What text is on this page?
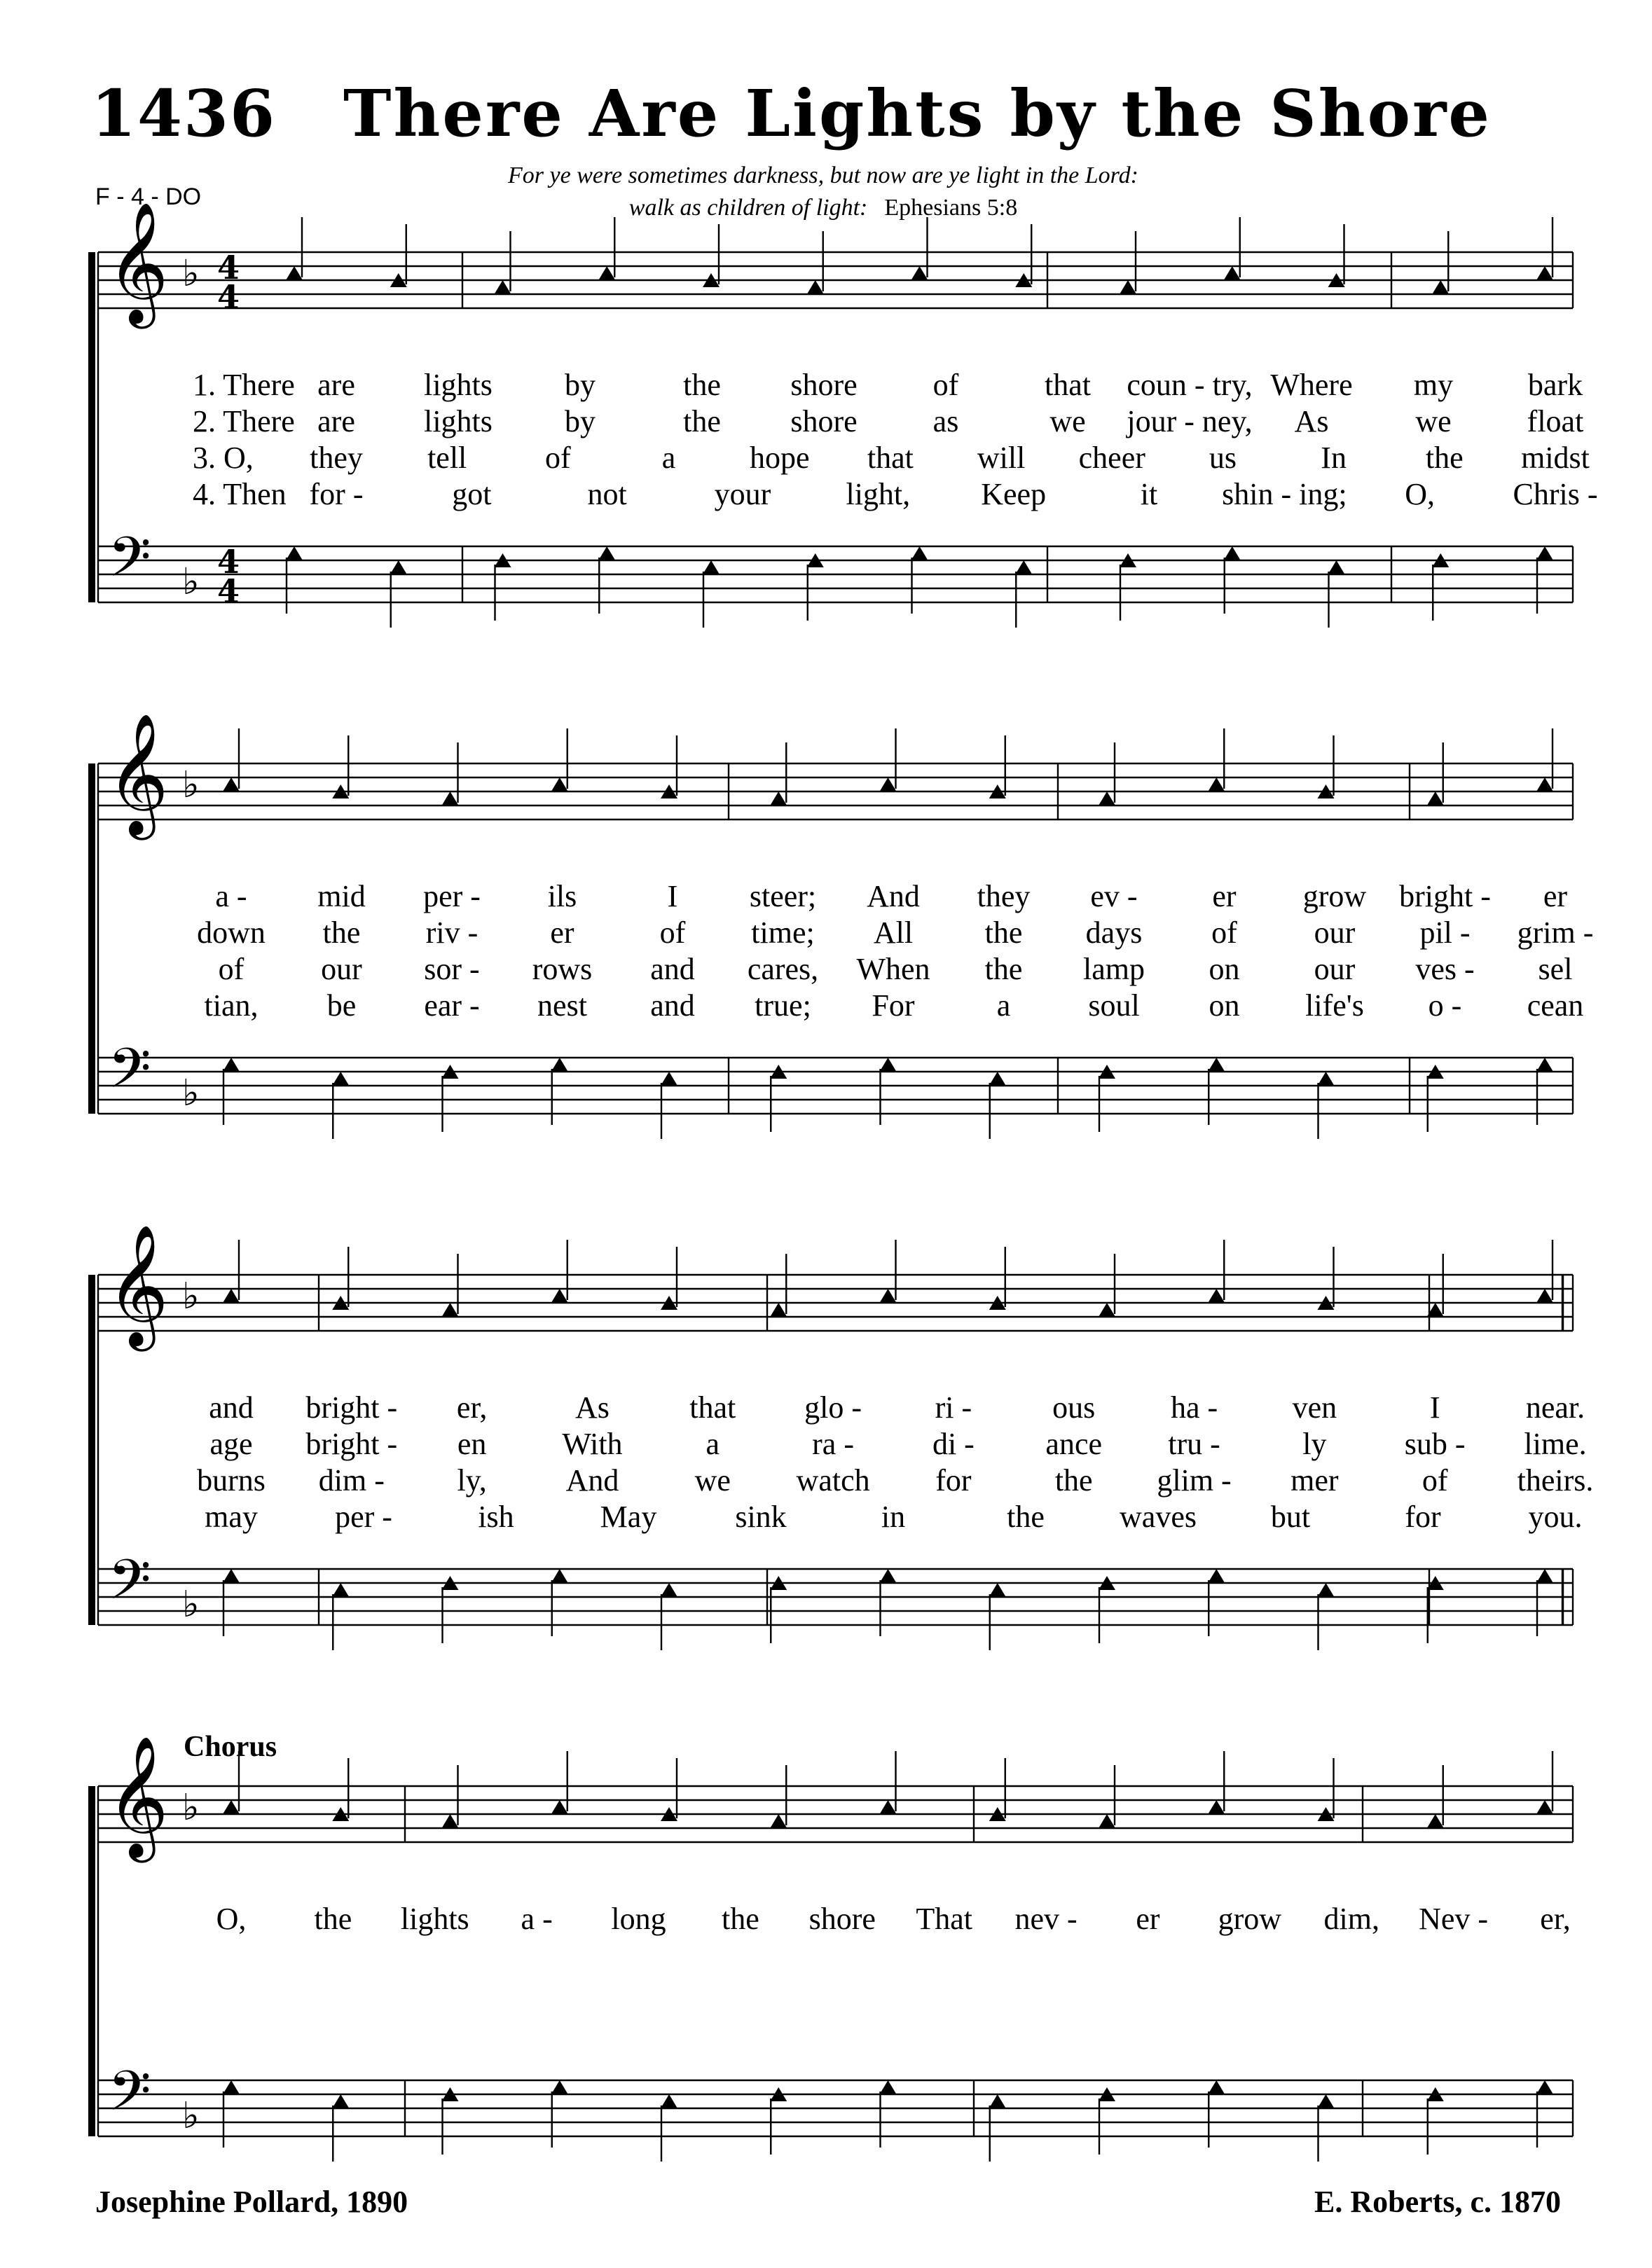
1436 There Are Lights by the Shore
For ye were sometimes darkness, but now are ye light in the Lord:
walk as children of light: Ephesians 5:8
F - 4 - DO
𝄞
𝄢
♭
♭
4
4
4
4
𝄞
𝄢
♭
♭
𝄞
𝄢
♭
♭
𝄞
𝄢
♭
♭
1. There are lights by	the shore of	that coun - try, Where my bark
2. There are lights by	the shore as	we jour - ney, As	we float
3. O, they tell	of	a hope that will cheer us	In	the midst
4. Then for -	got	not	your light, Keep	it shin - ing; O,	Chris -
a - mid per - ils	I steer; And they ev - er grow bright - er
down the riv - er	of time; All the days of our pil - grim -
of our sor - rows and cares, When the lamp on our ves - sel
tian, be ear - nest and true; For	a	soul on life's o - cean
and bright - er,	As	that glo - ri -	ous ha - ven	I	near.
age bright - en With	a	ra -	di - ance tru -	ly	sub - lime.
burns dim - ly,	And we watch for	the glim - mer	of theirs.
may	per -	ish	May	sink	in	the waves but	for	you.
O, the lights a - long the shore That nev - er grow dim, Nev - er,
Chorus
Josephine Pollard, 1890	E. Roberts, c. 1870
